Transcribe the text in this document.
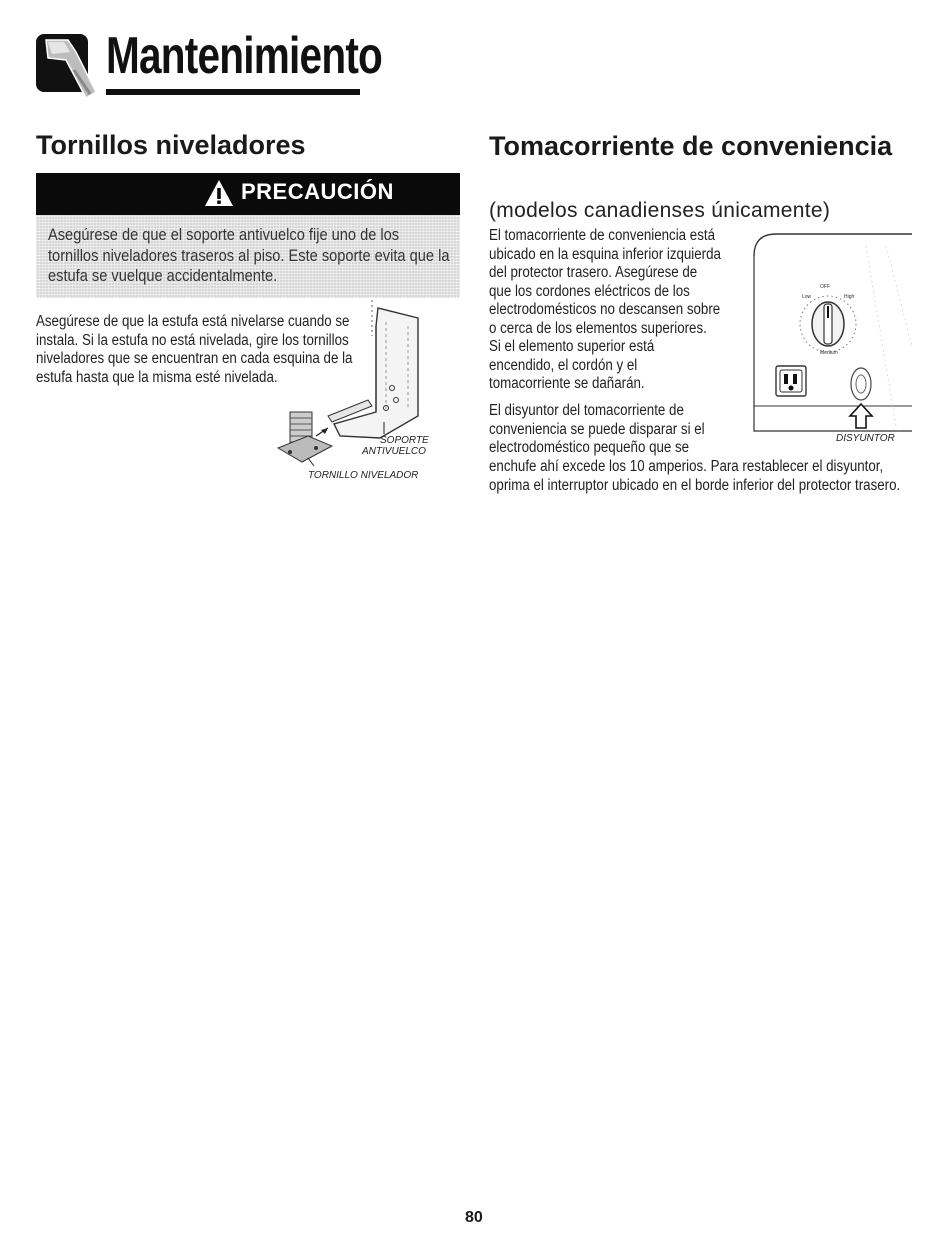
Mantenimiento
Tornillos niveladores
PRECAUCIÓN
Asegúrese de que el soporte antivuelco fije uno de los tornillos niveladores traseros al piso. Este soporte evita que la estufa se vuelque accidentalmente.
Asegúrese de que la estufa está nivelarse cuando se instala. Si la estufa no está nivelada, gire los tornillos niveladores que se encuentran en cada esquina de la estufa hasta que la misma esté nivelada.
SOPORTE
ANTIVUELCO
TORNILLO NIVELADOR
Tomacorriente de conveniencia
(modelos canadienses únicamente)
El tomacorriente de conveniencia está ubicado en la esquina inferior izquierda del protector trasero. Asegúrese de que los cordones eléctricos de los electrodomésticos no descansen sobre o cerca de los elementos superiores. Si el elemento superior está encendido, el cordón y el tomacorriente se dañarán.
El disyuntor del tomacorriente de conveniencia se puede disparar si el electrodoméstico pequeño que se
enchufe ahí excede los 10 amperios. Para restablecer el disyuntor, oprima el interruptor ubicado en el borde inferior del protector trasero.
OFF
Low	High
Medium
DISYUNTOR
80
